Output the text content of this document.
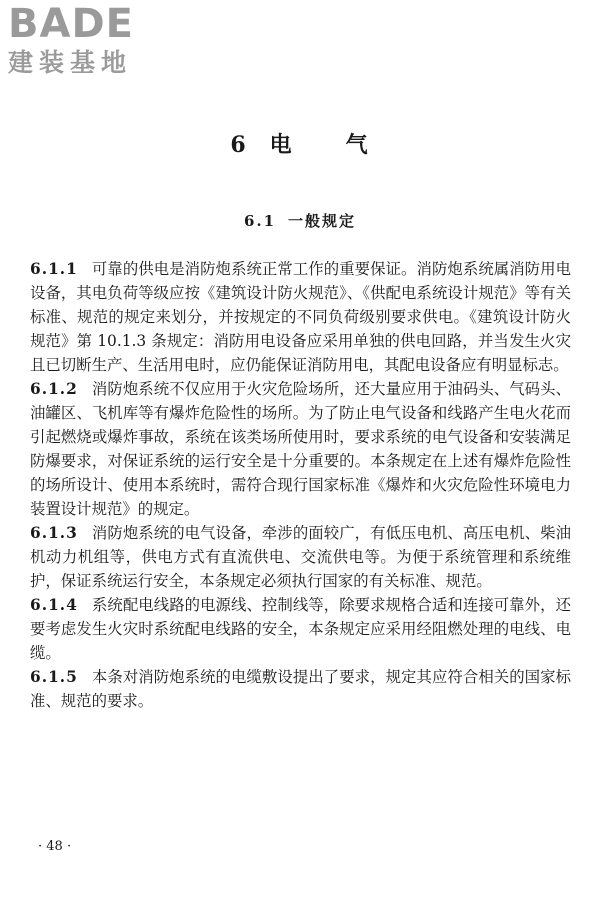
BADE
建装基地
6 电 气
6.1 一般规定

6.1.1 可靠的供电是消防炮系统正常工作的重要保证。消防炮系统属消防用电设备，其电负荷等级应按《建筑设计防火规范》、《供配电系统设计规范》等有关标准、规范的规定来划分，并按规定的不同负荷级别要求供电。《建筑设计防火规范》第 10.1.3 条规定：消防用电设备应采用单独的供电回路，并当发生火灾且已切断生产、生活用电时，应仍能保证消防用电，其配电设备应有明显标志。

6.1.2 消防炮系统不仅应用于火灾危险场所，还大量应用于油码头、气码头、油罐区、飞机库等有爆炸危险性的场所。为了防止电气设备和线路产生电火花而引起燃烧或爆炸事故，系统在该类场所使用时，要求系统的电气设备和安装满足防爆要求，对保证系统的运行安全是十分重要的。本条规定在上述有爆炸危险性的场所设计、使用本系统时，需符合现行国家标准《爆炸和火灾危险性环境电力装置设计规范》的规定。

6.1.3 消防炮系统的电气设备，牵涉的面较广，有低压电机、高压电机、柴油机动力机组等，供电方式有直流供电、交流供电等。为便于系统管理和系统维护，保证系统运行安全，本条规定必须执行国家的有关标准、规范。

6.1.4 系统配电线路的电源线、控制线等，除要求规格合适和连接可靠外，还要考虑发生火灾时系统配电线路的安全，本条规定应采用经阻燃处理的电线、电缆。

6.1.5 本条对消防炮系统的电缆敷设提出了要求，规定其应符合相关的国家标准、规范的要求。

· 48 ·
